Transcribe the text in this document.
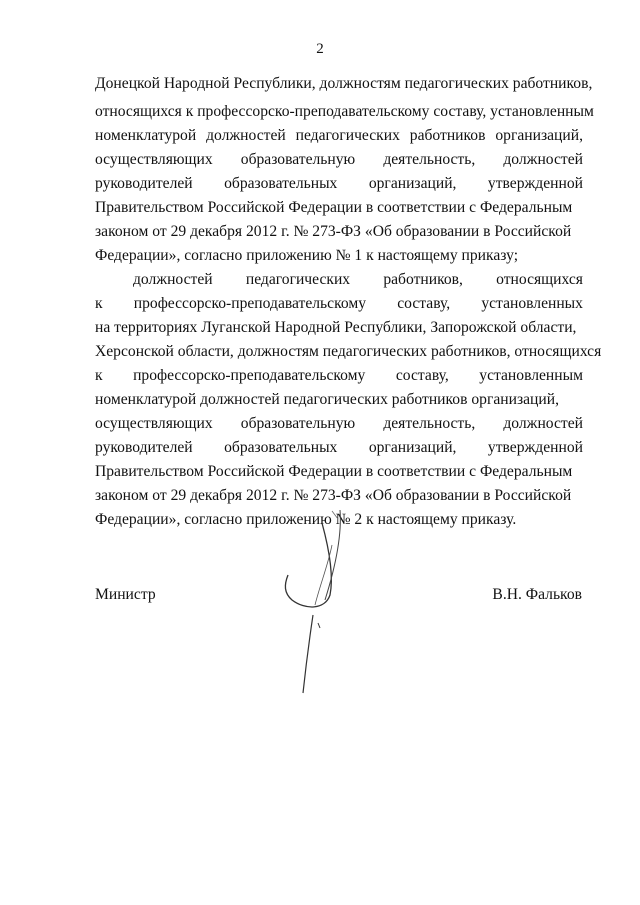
2
Донецкой Народной Республики, должностям педагогических работников,
относящихся к профессорско-преподавательскому составу, установленным
номенклатурой должностей педагогических работников организаций,
осуществляющих образовательную деятельность, должностей
руководителей образовательных организаций, утвержденной
Правительством Российской Федерации в соответствии с Федеральным
законом от 29 декабря 2012 г. № 273-ФЗ «Об образовании в Российской
Федерации», согласно приложению № 1 к настоящему приказу;
должностей педагогических работников, относящихся
к профессорско-преподавательскому составу, установленных
на территориях Луганской Народной Республики, Запорожской области,
Херсонской области, должностям педагогических работников, относящихся
к профессорско-преподавательскому составу, установленным
номенклатурой должностей педагогических работников организаций,
осуществляющих образовательную деятельность, должностей
руководителей образовательных организаций, утвержденной
Правительством Российской Федерации в соответствии с Федеральным
законом от 29 декабря 2012 г. № 273-ФЗ «Об образовании в Российской
Федерации», согласно приложению № 2 к настоящему приказу.
Министр	В.Н. Фальков
